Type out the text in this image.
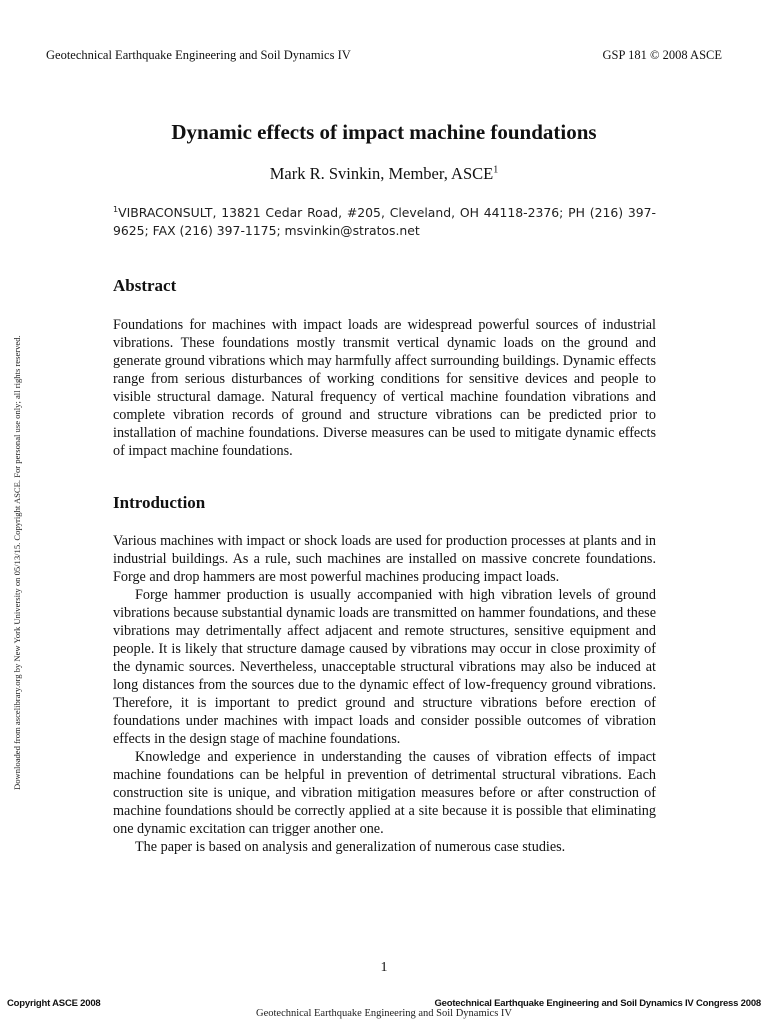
Geotechnical Earthquake Engineering and Soil Dynamics IV	GSP 181 © 2008 ASCE
Downloaded from ascelibrary.org by New York University on 05/13/15. Copyright ASCE. For personal use only; all rights reserved.
Dynamic effects of impact machine foundations
Mark R. Svinkin, Member, ASCE$^1$
$^1$VIBRACONSULT, 13821 Cedar Road, #205, Cleveland, OH 44118-2376; PH (216) 397-9625; FAX (216) 397-1175; msvinkin@stratos.net
Abstract

Foundations for machines with impact loads are widespread powerful sources of industrial vibrations. These foundations mostly transmit vertical dynamic loads on the ground and generate ground vibrations which may harmfully affect surrounding buildings. Dynamic effects range from serious disturbances of working conditions for sensitive devices and people to visible structural damage. Natural frequency of vertical machine foundation vibrations and complete vibration records of ground and structure vibrations can be predicted prior to installation of machine foundations. Diverse measures can be used to mitigate dynamic effects of impact machine foundations.

Introduction

Various machines with impact or shock loads are used for production processes at plants and in industrial buildings. As a rule, such machines are installed on massive concrete foundations. Forge and drop hammers are most powerful machines producing impact loads.

Forge hammer production is usually accompanied with high vibration levels of ground vibrations because substantial dynamic loads are transmitted on hammer foundations, and these vibrations may detrimentally affect adjacent and remote structures, sensitive equipment and people. It is likely that structure damage caused by vibrations may occur in close proximity of the dynamic sources. Nevertheless, unacceptable structural vibrations may also be induced at long distances from the sources due to the dynamic effect of low-frequency ground vibrations. Therefore, it is important to predict ground and structure vibrations before erection of foundations under machines with impact loads and consider possible outcomes of vibration effects in the design stage of machine foundations.

Knowledge and experience in understanding the causes of vibration effects of impact machine foundations can be helpful in prevention of detrimental structural vibrations. Each construction site is unique, and vibration mitigation measures before or after construction of machine foundations should be correctly applied at a site because it is possible that eliminating one dynamic excitation can trigger another one.

The paper is based on analysis and generalization of numerous case studies.

1
Copyright ASCE 2008	Geotechnical Earthquake Engineering and Soil Dynamics IV Congress 2008
Geotechnical Earthquake Engineering and Soil Dynamics IV
